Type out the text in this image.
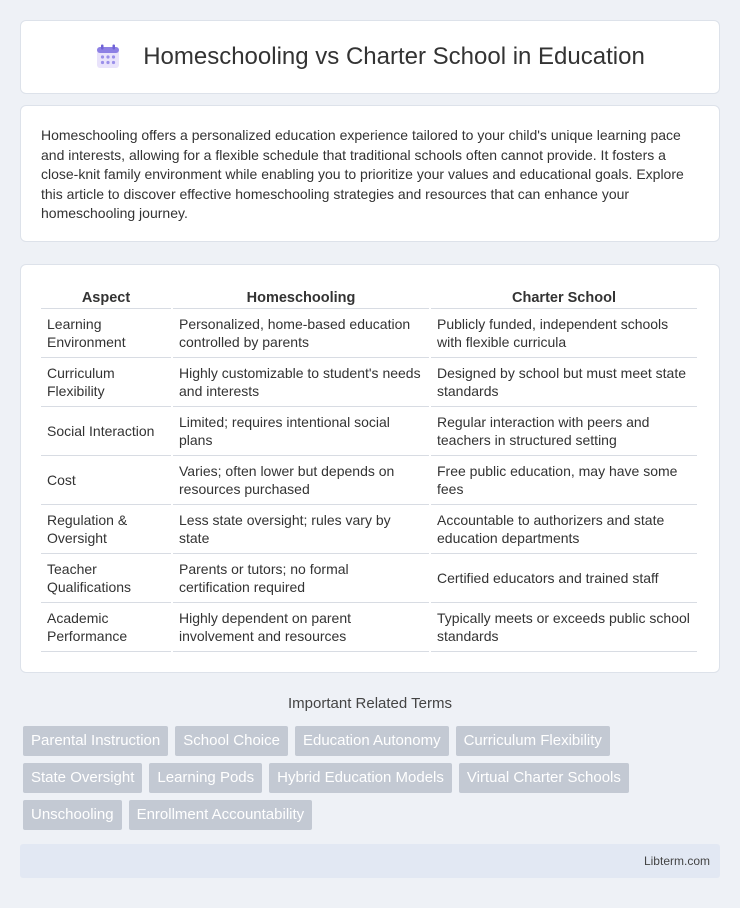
Homeschooling vs Charter School in Education

Homeschooling offers a personalized education experience tailored to your child's unique learning pace and interests, allowing for a flexible schedule that traditional schools often cannot provide. It fosters a close-knit family environment while enabling you to prioritize your values and educational goals. Explore this article to discover effective homeschooling strategies and resources that can enhance your homeschooling journey.

Aspect	Homeschooling	Charter School
Learning Environment	Personalized, home-based education controlled by parents	Publicly funded, independent schools with flexible curricula
Curriculum Flexibility	Highly customizable to student's needs and interests	Designed by school but must meet state standards
Social Interaction	Limited; requires intentional social plans	Regular interaction with peers and teachers in structured setting
Cost	Varies; often lower but depends on resources purchased	Free public education, may have some fees
Regulation & Oversight	Less state oversight; rules vary by state	Accountable to authorizers and state education departments
Teacher Qualifications	Parents or tutors; no formal certification required	Certified educators and trained staff
Academic Performance	Highly dependent on parent involvement and resources	Typically meets or exceeds public school standards
Important Related Terms
Parental Instruction	School Choice	Education Autonomy	Curriculum Flexibility
State Oversight	Learning Pods	Hybrid Education Models	Virtual Charter Schools
Unschooling	Enrollment Accountability
Libterm.com
